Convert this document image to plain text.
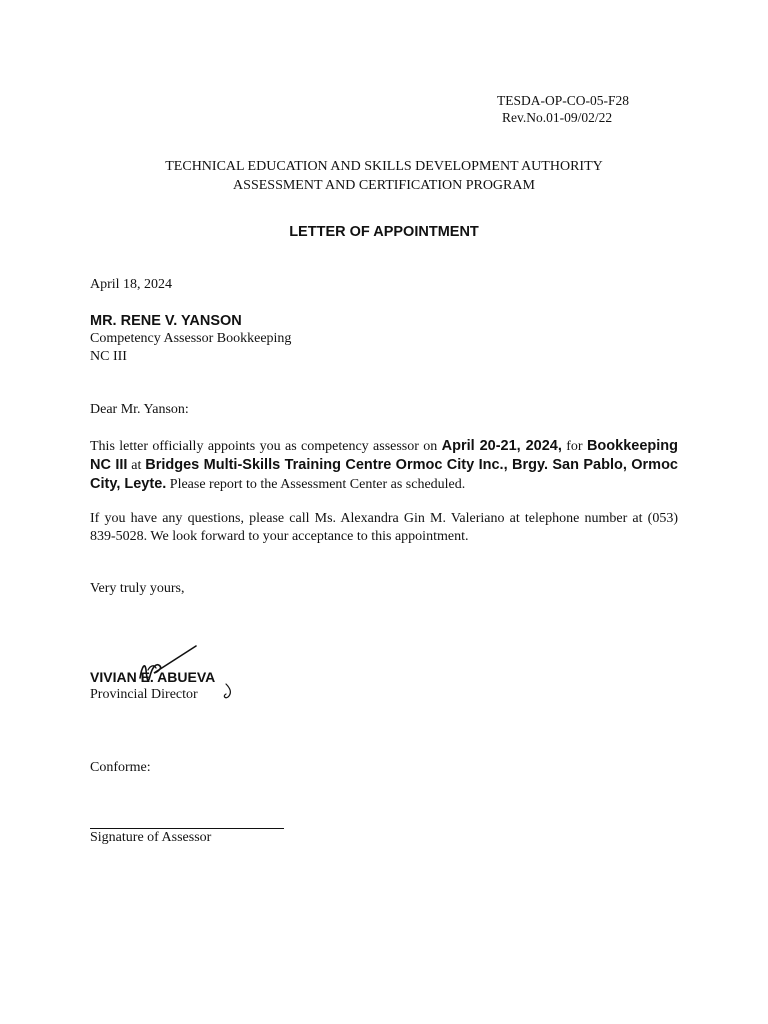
TESDA-OP-CO-05-F28
Rev.No.01-09/02/22
TECHNICAL EDUCATION AND SKILLS DEVELOPMENT AUTHORITY
ASSESSMENT AND CERTIFICATION PROGRAM
LETTER OF APPOINTMENT
April 18, 2024
MR. RENE V. YANSON
Competency Assessor Bookkeeping
NC III
Dear Mr. Yanson:
This letter officially appoints you as competency assessor on April 20-21, 2024, for Bookkeeping NC III at Bridges Multi-Skills Training Centre Ormoc City Inc., Brgy. San Pablo, Ormoc City, Leyte. Please report to the Assessment Center as scheduled.
If you have any questions, please call Ms. Alexandra Gin M. Valeriano at telephone number at (053) 839-5028. We look forward to your acceptance to this appointment.
Very truly yours,
VIVIAN E. ABUEVA
Provincial Director
Conforme:
Signature of Assessor
